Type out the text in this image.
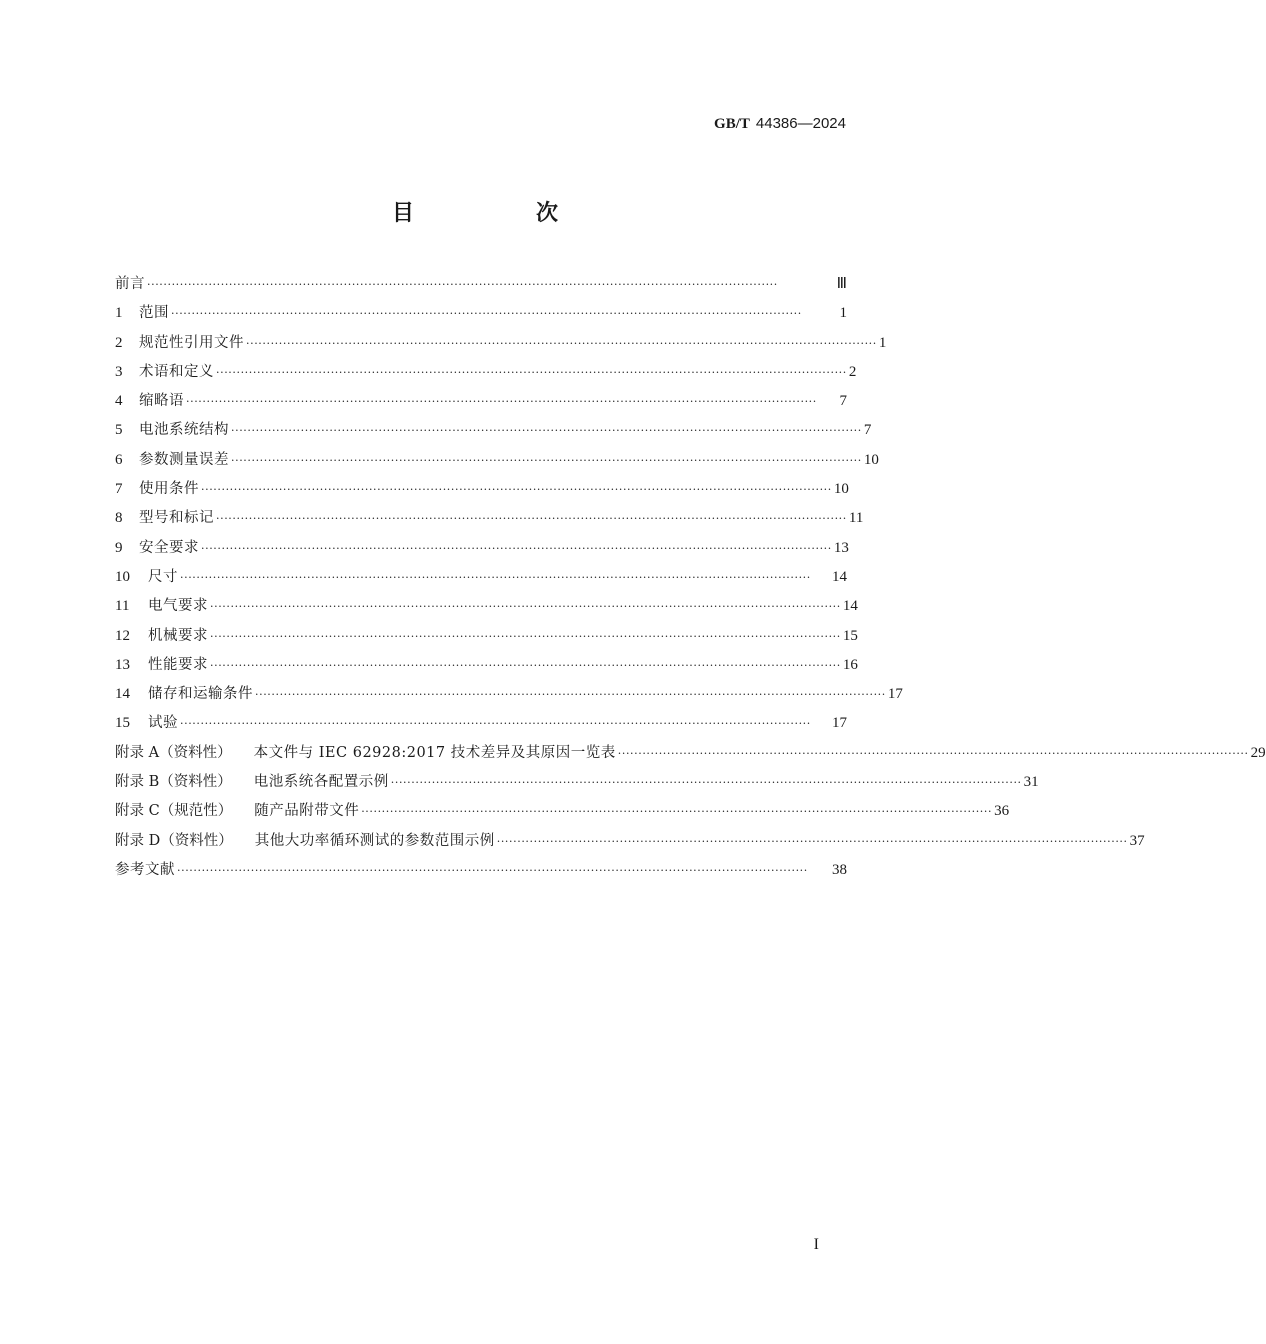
GB/T 44386—2024
目　次
前言 ··························································································································································	Ⅲ
1	范围 ··························································································································································	1
2	规范性引用文件 ·························································································································································· 1
3	术语和定义 ·························································································································································· 2
4	缩略语 ··························································································································································	7
5	电池系统结构 ·························································································································································· 7
6	参数测量误差 ·························································································································································· 10
7	使用条件 ·························································································································································· 10
8	型号和标记 ·························································································································································· 11
9	安全要求 ·························································································································································· 13
10	尺寸 ··························································································································································	14
11	电气要求 ·························································································································································· 14
12	机械要求 ·························································································································································· 15
13	性能要求 ·························································································································································· 16
14	储存和运输条件 ·························································································································································· 17
15	试验 ··························································································································································	17
附录 A（资料性） 本文件与 IEC 62928:2017 技术差异及其原因一览表 ·························································································································································· 29
附录 B（资料性） 电池系统各配置示例 ·························································································································································· 31
附录 C（规范性） 随产品附带文件 ·························································································································································· 36
附录 D（资料性） 其他大功率循环测试的参数范围示例 ·························································································································································· 37
参考文献 ··························································································································································	38
I
